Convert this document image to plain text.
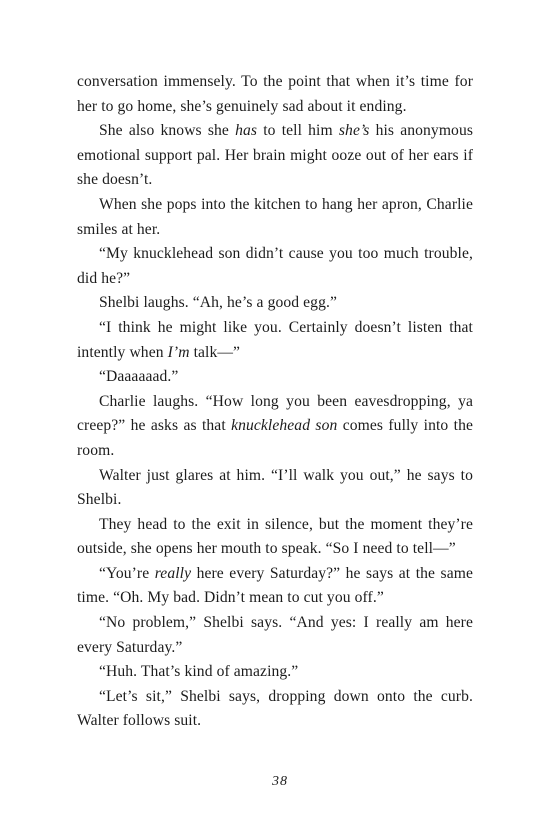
conversation immensely. To the point that when it’s time for her to go home, she’s genuinely sad about it ending.

She also knows she has to tell him she’s his anonymous emotional support pal. Her brain might ooze out of her ears if she doesn’t.

When she pops into the kitchen to hang her apron, Charlie smiles at her.

“My knucklehead son didn’t cause you too much trouble, did he?”

Shelbi laughs. “Ah, he’s a good egg.”

“I think he might like you. Certainly doesn’t listen that intently when I’m talk—”

“Daaaaaad.”

Charlie laughs. “How long you been eavesdropping, ya creep?” he asks as that knucklehead son comes fully into the room.

Walter just glares at him. “I’ll walk you out,” he says to Shelbi.

They head to the exit in silence, but the moment they’re outside, she opens her mouth to speak. “So I need to tell—”

“You’re really here every Saturday?” he says at the same time. “Oh. My bad. Didn’t mean to cut you off.”

“No problem,” Shelbi says. “And yes: I really am here every Saturday.”

“Huh. That’s kind of amazing.”

“Let’s sit,” Shelbi says, dropping down onto the curb. Walter follows suit.

38
